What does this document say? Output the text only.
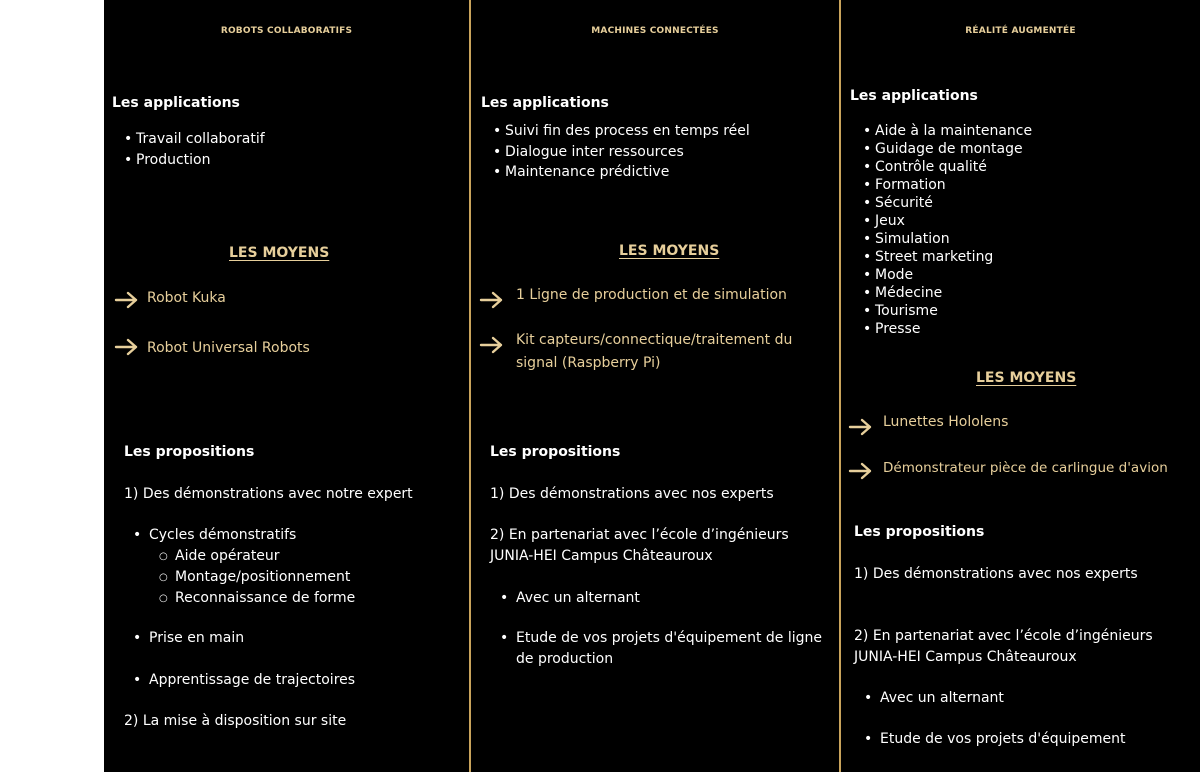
ROBOTS COLLABORATIFS
Les applications
• Travail collaboratif
• Production
LES MOYENS
Robot Kuka
Robot Universal Robots
Les propositions
1) Des démonstrations avec notre expert
• Cycles démonstratifs
○ Aide opérateur
○ Montage/positionnement
○ Reconnaissance de forme
• Prise en main
• Apprentissage de trajectoires
2) La mise à disposition sur site
MACHINES CONNECTÉES
Les applications
• Suivi fin des process en temps réel
• Dialogue inter ressources
• Maintenance prédictive
LES MOYENS
1 Ligne de production et de simulation
Kit capteurs/connectique/traitement du
signal (Raspberry Pi)
Les propositions
1) Des démonstrations avec nos experts
2) En partenariat avec l’école d’ingénieurs
JUNIA-HEI Campus Châteauroux
• Avec un alternant
• Etude de vos projets d'équipement de ligne
de production
RÉALITÉ AUGMENTÉE
Les applications
• Aide à la maintenance
• Guidage de montage
• Contrôle qualité
• Formation
• Sécurité
• Jeux
• Simulation
• Street marketing
• Mode
• Médecine
• Tourisme
• Presse
LES MOYENS
Lunettes Hololens
Démonstrateur pièce de carlingue d'avion
Les propositions
1) Des démonstrations avec nos experts
2) En partenariat avec l’école d’ingénieurs
JUNIA-HEI Campus Châteauroux
• Avec un alternant
• Etude de vos projets d'équipement
